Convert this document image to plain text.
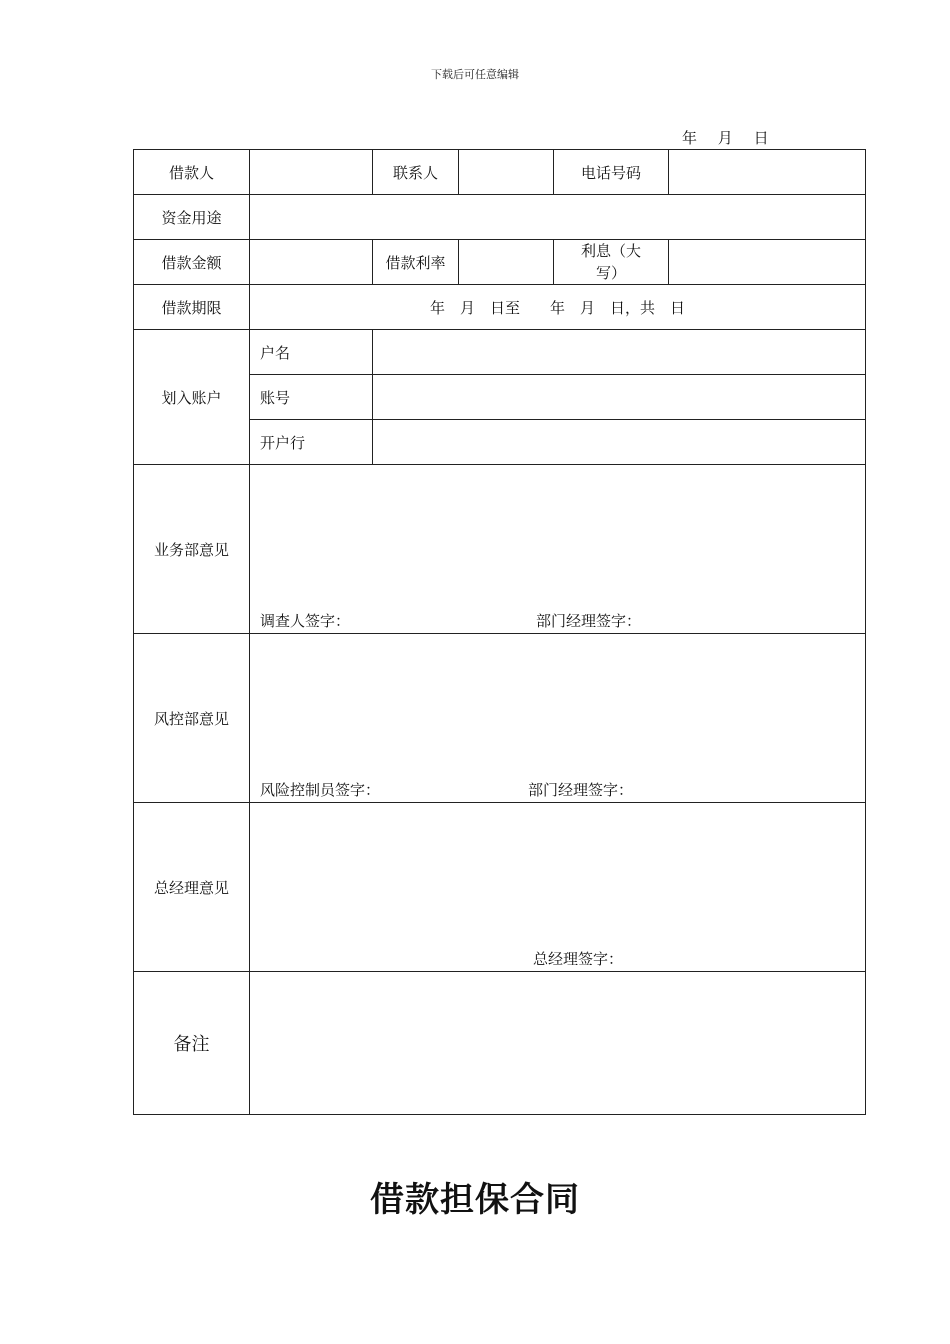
下载后可任意编辑
年 月 日
借款人		联系人		电话号码	
资金用途					
借款金额		借款利率		利息（大
写）	

借款期限	年　月　日至　　年　月　日，共　日				
划入账户	户名				
	账号				
	开户行				
业务部意见	调查人签字： 部门经理签字：				

风控部意见	风险控制员签字： 部门经理签字：				

总经理意见	总经理签字：				

备注					
借款担保合同
